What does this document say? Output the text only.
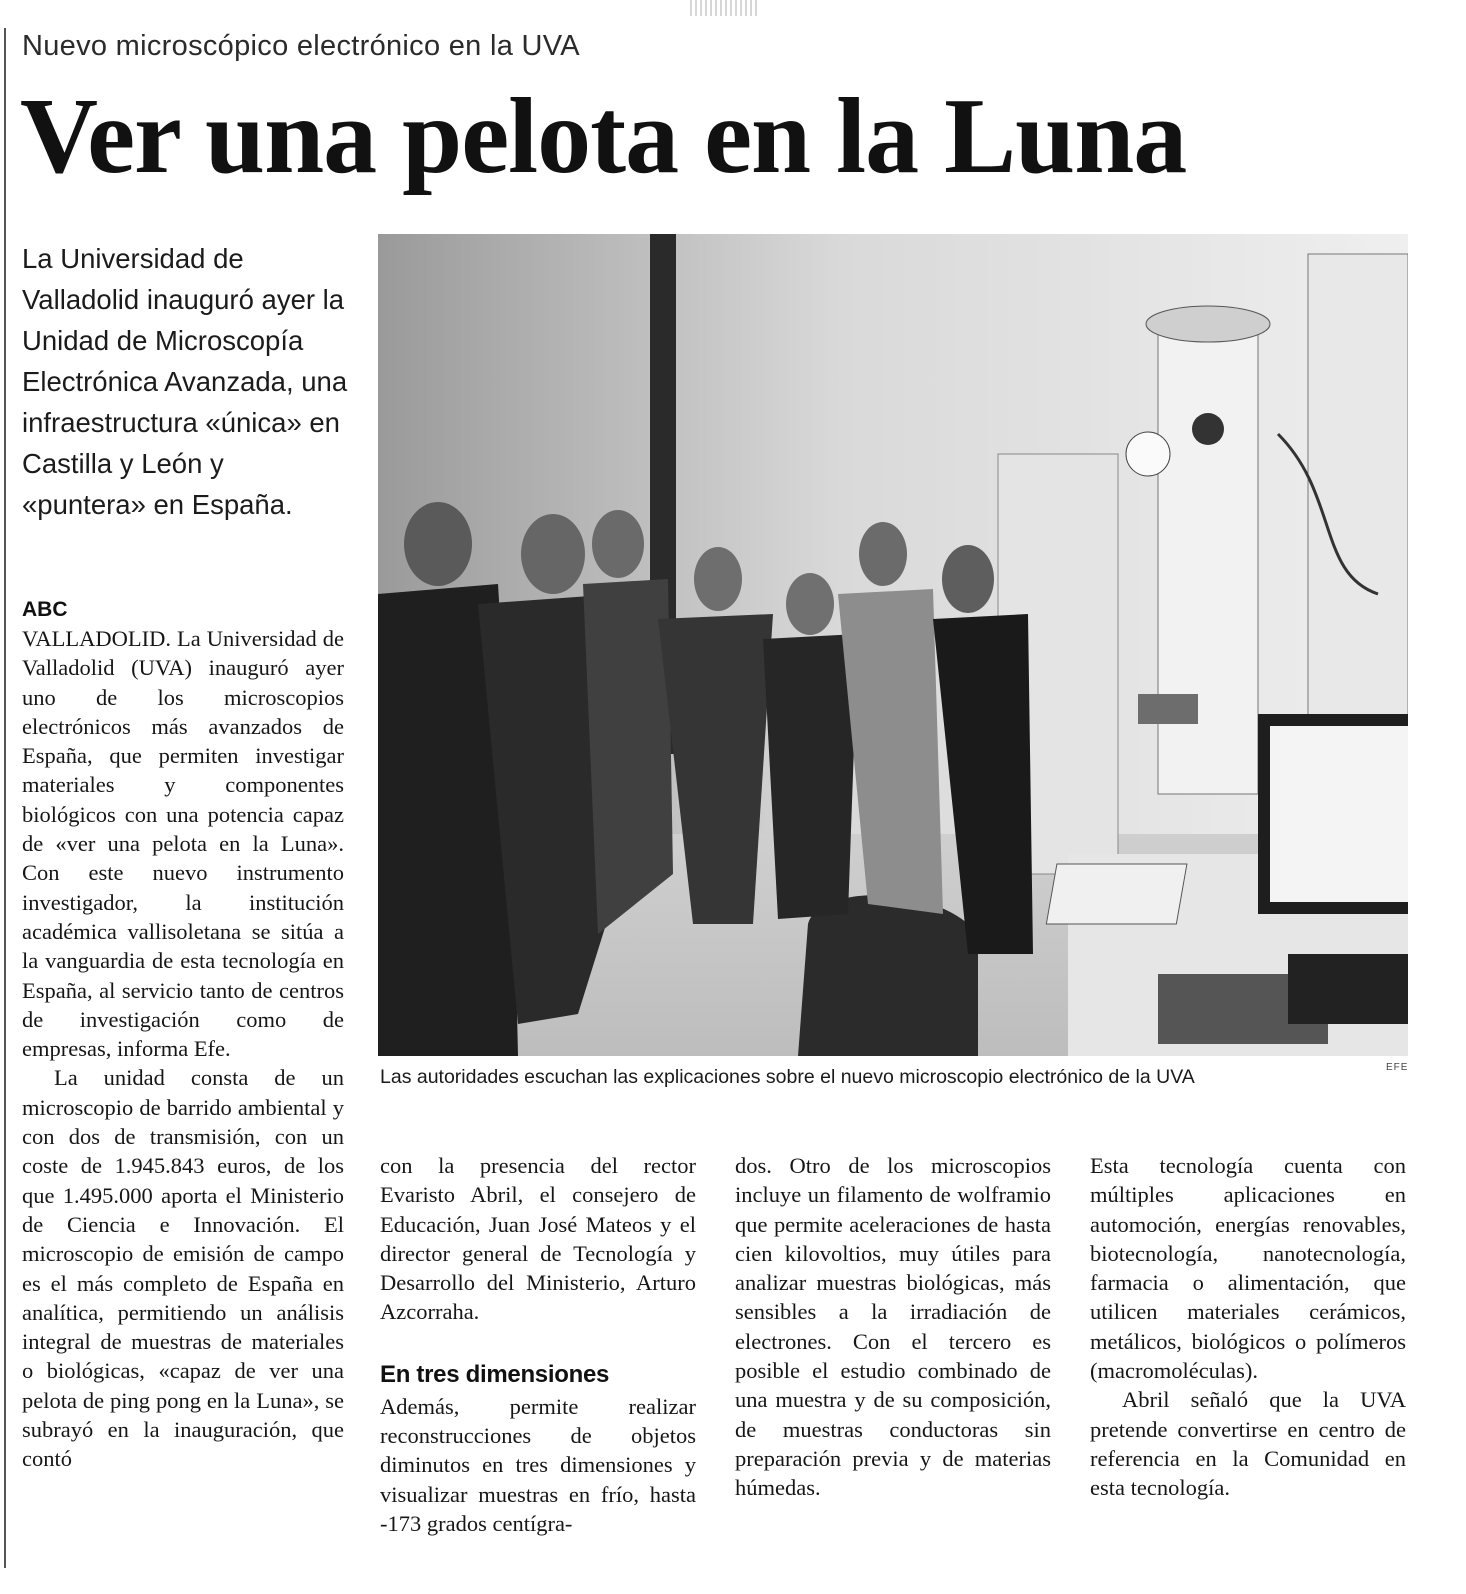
Nuevo microscópico electrónico en la UVA
Ver una pelota en la Luna
La Universidad de Valladolid inauguró ayer la Unidad de Microscopía Electrónica Avanzada, una infraestructura «única» en Castilla y León y «puntera» en España.
ABC

VALLADOLID. La Universidad de Valladolid (UVA) inauguró ayer uno de los microscopios electrónicos más avanzados de España, que permiten investigar materiales y componentes biológicos con una potencia capaz de «ver una pelota en la Luna». Con este nuevo instrumento investigador, la institución académica vallisoletana se sitúa a la vanguardia de esta tecnología en España, al servicio tanto de centros de investigación como de empresas, informa Efe.

La unidad consta de un microscopio de barrido ambiental y con dos de transmisión, con un coste de 1.945.843 euros, de los que 1.495.000 aporta el Ministerio de Ciencia e Innovación. El microscopio de emisión de campo es el más completo de España en analítica, permitiendo un análisis integral de muestras de materiales o biológicas, «capaz de ver una pelota de ping pong en la Luna», se subrayó en la inauguración, que contó

Las autoridades escuchan las explicaciones sobre el nuevo microscopio electrónico de la UVA	EFE

con la presencia del rector Evaristo Abril, el consejero de Educación, Juan José Mateos y el director general de Tecnología y Desarrollo del Ministerio, Arturo Azcorraha.

En tres dimensiones

Además, permite realizar reconstrucciones de objetos diminutos en tres dimensiones y visualizar muestras en frío, hasta -173 grados centígra-

dos. Otro de los microscopios incluye un filamento de wolframio que permite aceleraciones de hasta cien kilovoltios, muy útiles para analizar muestras biológicas, más sensibles a la irradiación de electrones. Con el tercero es posible el estudio combinado de una muestra y de su composición, de muestras conductoras sin preparación previa y de materias húmedas.

Esta tecnología cuenta con múltiples aplicaciones en automoción, energías renovables, biotecnología, nanotecnología, farmacia o alimentación, que utilicen materiales cerámicos, metálicos, biológicos o polímeros (macromoléculas).

Abril señaló que la UVA pretende convertirse en centro de referencia en la Comunidad en esta tecnología.
